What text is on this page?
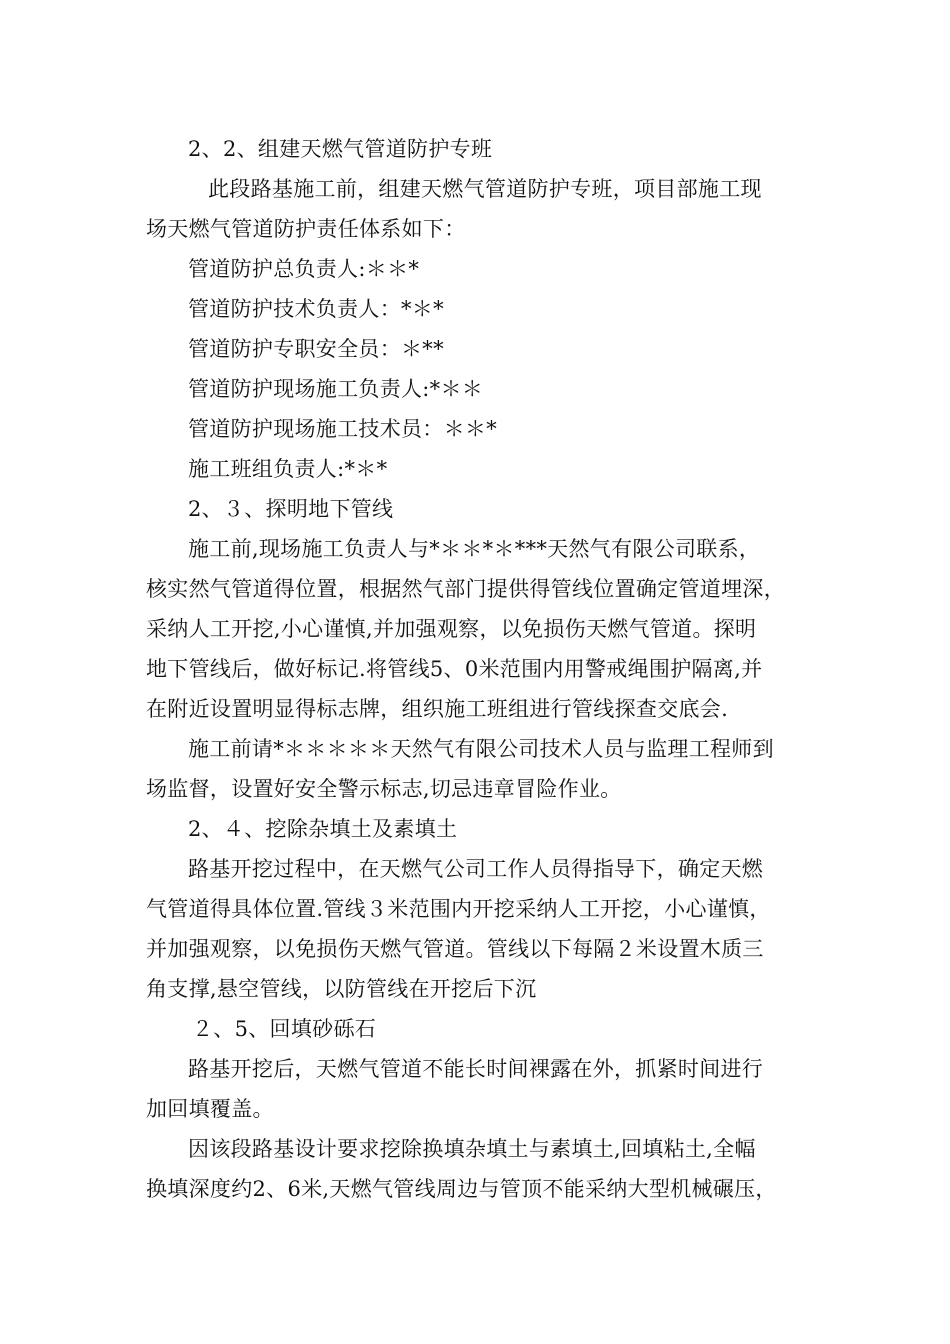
2、2、组建天燃气管道防护专班
此段路基施工前，组建天燃气管道防护专班，项目部施工现
场天燃气管道防护责任体系如下：
管道防护总负责人:＊＊*
管道防护技术负责人：*＊*
管道防护专职安全员：＊**
管道防护现场施工负责人:*＊＊
管道防护现场施工技术员：＊＊*
施工班组负责人:*＊*
2、３、探明地下管线
施工前,现场施工负责人与*＊＊*＊***天然气有限公司联系，
核实然气管道得位置，根据然气部门提供得管线位置确定管道埋深，
采纳人工开挖,小心谨慎,并加强观察，以免损伤天燃气管道。探明
地下管线后，做好标记.将管线5、0米范围内用警戒绳围护隔离,并
在附近设置明显得标志牌，组织施工班组进行管线探查交底会.
施工前请*＊＊＊＊＊天然气有限公司技术人员与监理工程师到
场监督，设置好安全警示标志,切忌违章冒险作业。
2、４、挖除杂填土及素填土
路基开挖过程中，在天燃气公司工作人员得指导下，确定天燃
气管道得具体位置.管线３米范围内开挖采纳人工开挖，小心谨慎，
并加强观察，以免损伤天燃气管道。管线以下每隔２米设置木质三
角支撑,悬空管线，以防管线在开挖后下沉
２、5、回填砂砾石
路基开挖后，天燃气管道不能长时间裸露在外，抓紧时间进行
加回填覆盖。
因该段路基设计要求挖除换填杂填土与素填土,回填粘土,全幅
换填深度约2、6米,天燃气管线周边与管顶不能采纳大型机械碾压，
